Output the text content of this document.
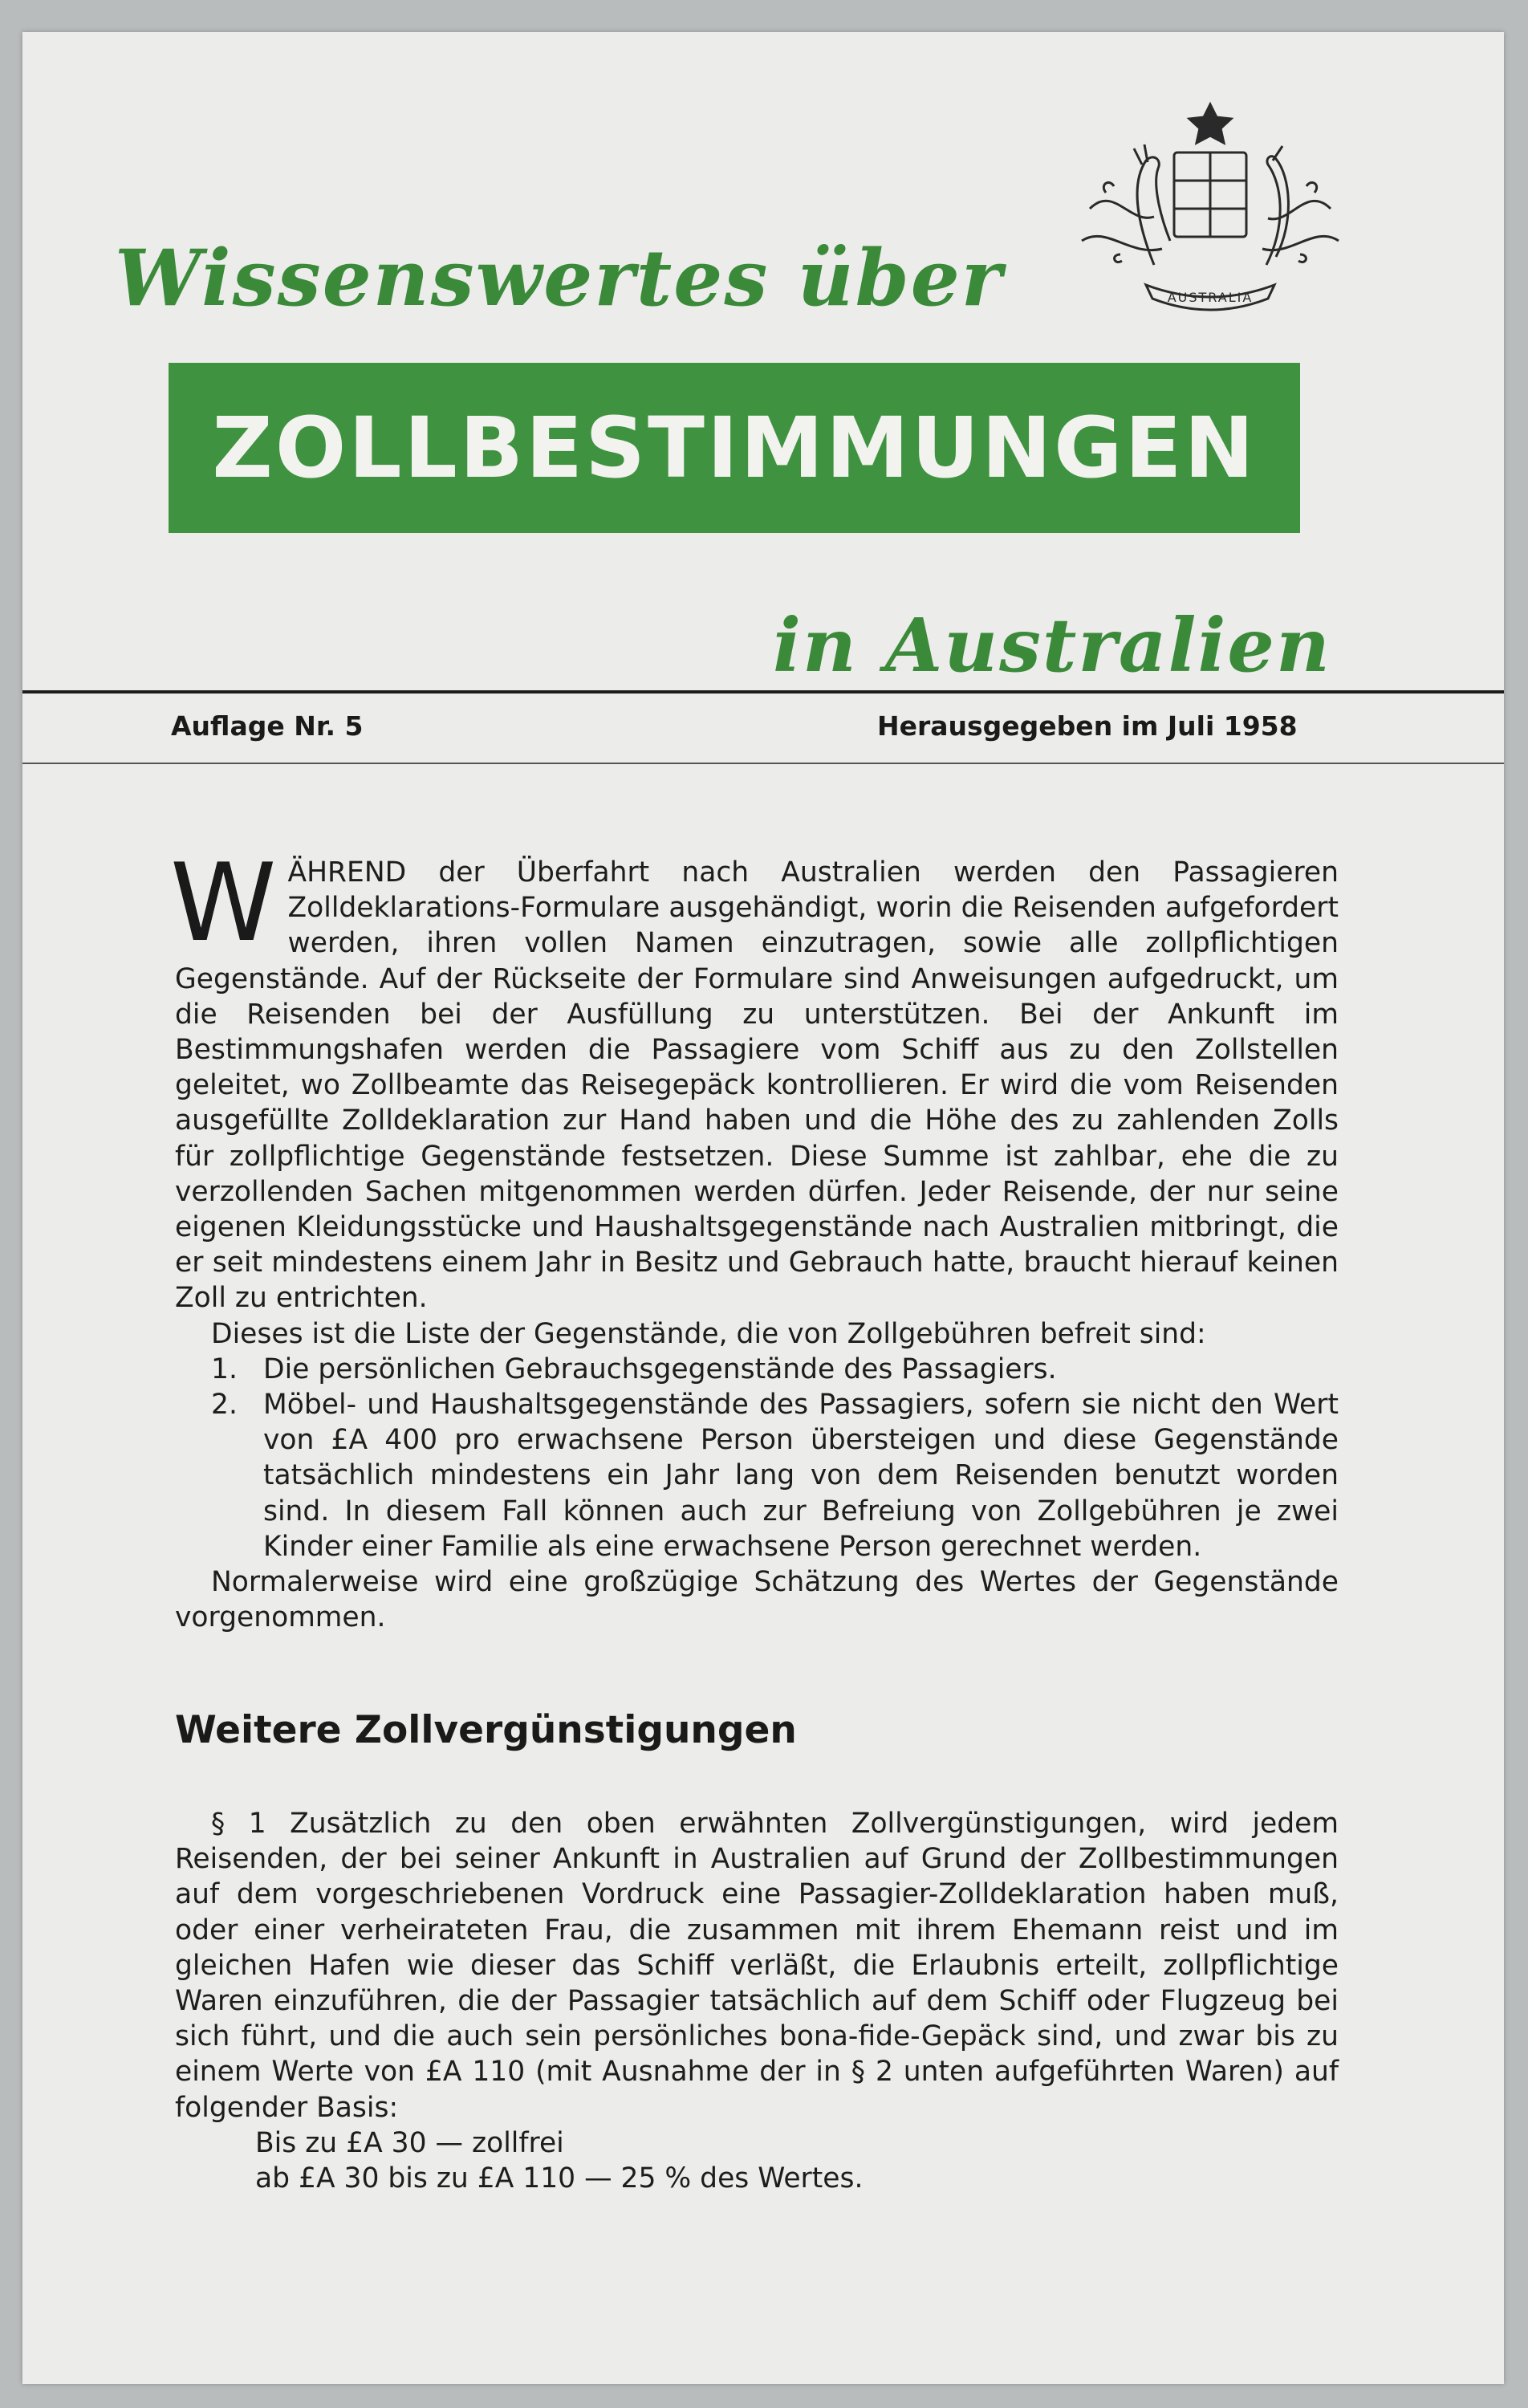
Wissenswertes über	AUSTRALIA
ZOLLBESTIMMUNGEN
in Australien
Auflage Nr. 5	Herausgegeben im Juli 1958
W ÄHREND der Überfahrt nach Australien werden den Passagieren Zolldeklarations-Formulare ausgehändigt, worin die Reisenden aufgefordert werden, ihren vollen Namen einzutragen, sowie alle zollpflichtigen Gegenstände. Auf der Rückseite der Formulare sind Anweisungen aufgedruckt, um die Reisenden bei der Ausfüllung zu unterstützen. Bei der Ankunft im Bestimmungshafen werden die Passagiere vom Schiff aus zu den Zollstellen geleitet, wo Zollbeamte das Reisegepäck kontrollieren. Er wird die vom Reisenden ausgefüllte Zolldeklaration zur Hand haben und die Höhe des zu zahlenden Zolls für zollpflichtige Gegenstände festsetzen. Diese Summe ist zahlbar, ehe die zu verzollenden Sachen mitgenommen werden dürfen. Jeder Reisende, der nur seine eigenen Kleidungsstücke und Haushaltsgegenstände nach Australien mitbringt, die er seit mindestens einem Jahr in Besitz und Gebrauch hatte, braucht hierauf keinen Zoll zu entrichten.

Dieses ist die Liste der Gegenstände, die von Zollgebühren befreit sind:

1. Die persönlichen Gebrauchsgegenstände des Passagiers.
2. Möbel- und Haushaltsgegenstände des Passagiers, sofern sie nicht den Wert von £A 400 pro erwachsene Person übersteigen und diese Gegenstände tatsächlich mindestens ein Jahr lang von dem Reisenden benutzt worden sind. In diesem Fall können auch zur Befreiung von Zollgebühren je zwei Kinder einer Familie als eine erwachsene Person gerechnet werden.

Normalerweise wird eine großzügige Schätzung des Wertes der Gegenstände vorgenommen.

Weitere Zollvergünstigungen

§ 1 Zusätzlich zu den oben erwähnten Zollvergünstigungen, wird jedem Reisenden, der bei seiner Ankunft in Australien auf Grund der Zollbestimmungen auf dem vorgeschriebenen Vordruck eine Passagier-Zolldeklaration haben muß, oder einer verheirateten Frau, die zusammen mit ihrem Ehemann reist und im gleichen Hafen wie dieser das Schiff verläßt, die Erlaubnis erteilt, zollpflichtige Waren einzuführen, die der Passagier tatsächlich auf dem Schiff oder Flugzeug bei sich führt, und die auch sein persönliches bona-fide-Gepäck sind, und zwar bis zu einem Werte von £A 110 (mit Ausnahme der in § 2 unten aufgeführten Waren) auf folgender Basis:

Bis zu £A 30 — zollfrei

ab £A 30 bis zu £A 110 — 25 % des Wertes.
